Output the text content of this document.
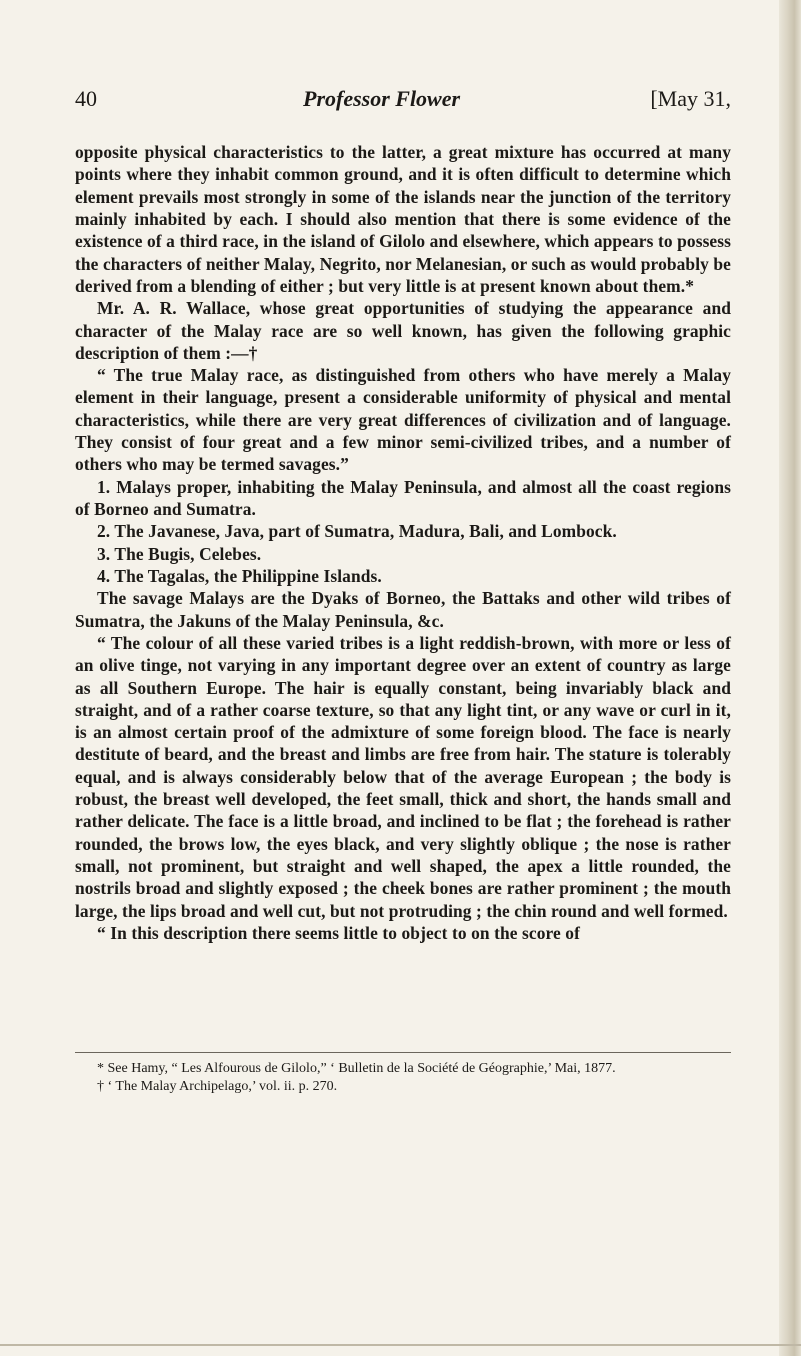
40	Professor Flower	[May 31,

opposite physical characteristics to the latter, a great mixture has occurred at many points where they inhabit common ground, and it is often difficult to determine which element prevails most strongly in some of the islands near the junction of the territory mainly inhabited by each. I should also mention that there is some evidence of the existence of a third race, in the island of Gilolo and elsewhere, which appears to possess the characters of neither Malay, Negrito, nor Melanesian, or such as would probably be derived from a blending of either ; but very little is at present known about them.*

Mr. A. R. Wallace, whose great opportunities of studying the appearance and character of the Malay race are so well known, has given the following graphic description of them :—†

“ The true Malay race, as distinguished from others who have merely a Malay element in their language, present a considerable uniformity of physical and mental characteristics, while there are very great differences of civilization and of language. They consist of four great and a few minor semi-civilized tribes, and a number of others who may be termed savages.”

1. Malays proper, inhabiting the Malay Peninsula, and almost all the coast regions of Borneo and Sumatra.

2. The Javanese, Java, part of Sumatra, Madura, Bali, and Lombock.

3. The Bugis, Celebes.

4. The Tagalas, the Philippine Islands.

The savage Malays are the Dyaks of Borneo, the Battaks and other wild tribes of Sumatra, the Jakuns of the Malay Peninsula, &c.

“ The colour of all these varied tribes is a light reddish-brown, with more or less of an olive tinge, not varying in any important degree over an extent of country as large as all Southern Europe. The hair is equally constant, being invariably black and straight, and of a rather coarse texture, so that any light tint, or any wave or curl in it, is an almost certain proof of the admixture of some foreign blood. The face is nearly destitute of beard, and the breast and limbs are free from hair. The stature is tolerably equal, and is always considerably below that of the average European ; the body is robust, the breast well developed, the feet small, thick and short, the hands small and rather delicate. The face is a little broad, and inclined to be flat ; the forehead is rather rounded, the brows low, the eyes black, and very slightly oblique ; the nose is rather small, not prominent, but straight and well shaped, the apex a little rounded, the nostrils broad and slightly exposed ; the cheek bones are rather prominent ; the mouth large, the lips broad and well cut, but not protruding ; the chin round and well formed.

“ In this description there seems little to object to on the score of

* See Hamy, “ Les Alfourous de Gilolo,” ‘ Bulletin de la Société de Géographie,’ Mai, 1877.

† ‘ The Malay Archipelago,’ vol. ii. p. 270.
